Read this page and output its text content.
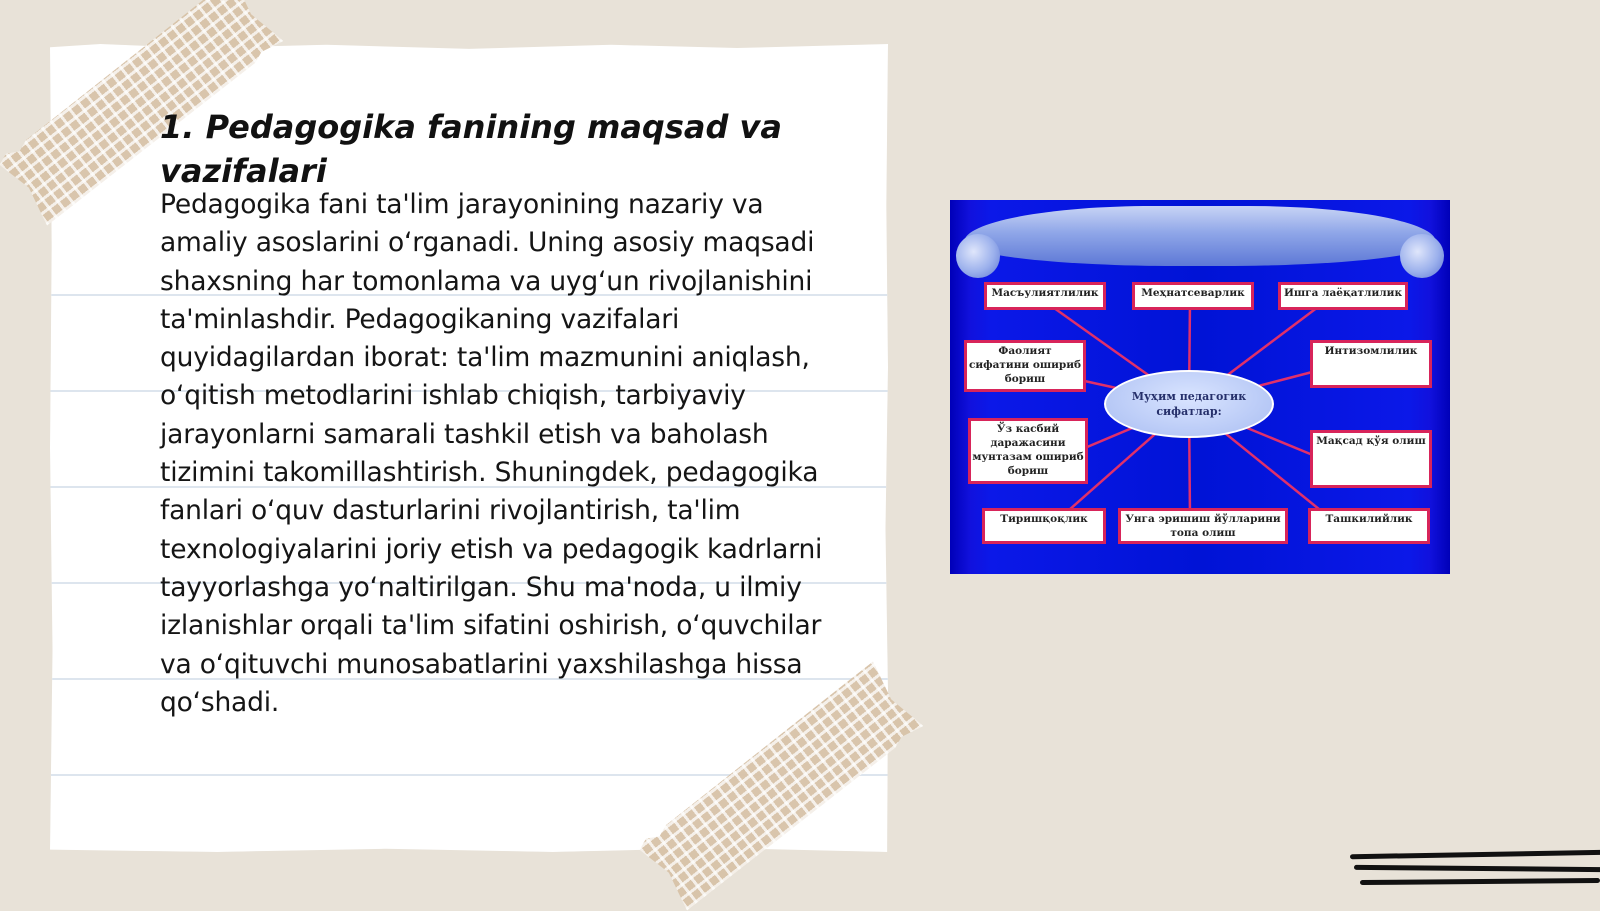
1. Pedagogika fanining maqsad va vazifalari

Pedagogika fani ta'lim jarayonining nazariy va amaliy asoslarini o‘rganadi. Uning asosiy maqsadi shaxsning har tomonlama va uyg‘un rivojlanishini ta'minlashdir. Pedagogikaning vazifalari quyidagilardan iborat: ta'lim mazmunini aniqlash, o‘qitish metodlarini ishlab chiqish, tarbiyaviy jarayonlarni samarali tashkil etish va baholash tizimini takomillashtirish. Shuningdek, pedagogika fanlari o‘quv dasturlarini rivojlantirish, ta'lim texnologiyalarini joriy etish va pedagogik kadrlarni tayyorlashga yo‘naltirilgan. Shu ma'noda, u ilmiy izlanishlar orqali ta'lim sifatini oshirish, o‘quvchilar va o‘qituvchi munosabatlarini yaxshilashga hissa qo‘shadi.

Масъулиятлилик	Меҳнатсеварлик	Ишга лаёқатлилик
Фаолият сифатини ошириб бориш
Интизомлилик
Ўз касбий даражасини мунтазам ошириб бориш
Мақсад қўя олиш
Тиришқоқлик	Унга эришиш йўлларини топа олиш
Ташкилийлик
Муҳим педагогик сифатлар:
